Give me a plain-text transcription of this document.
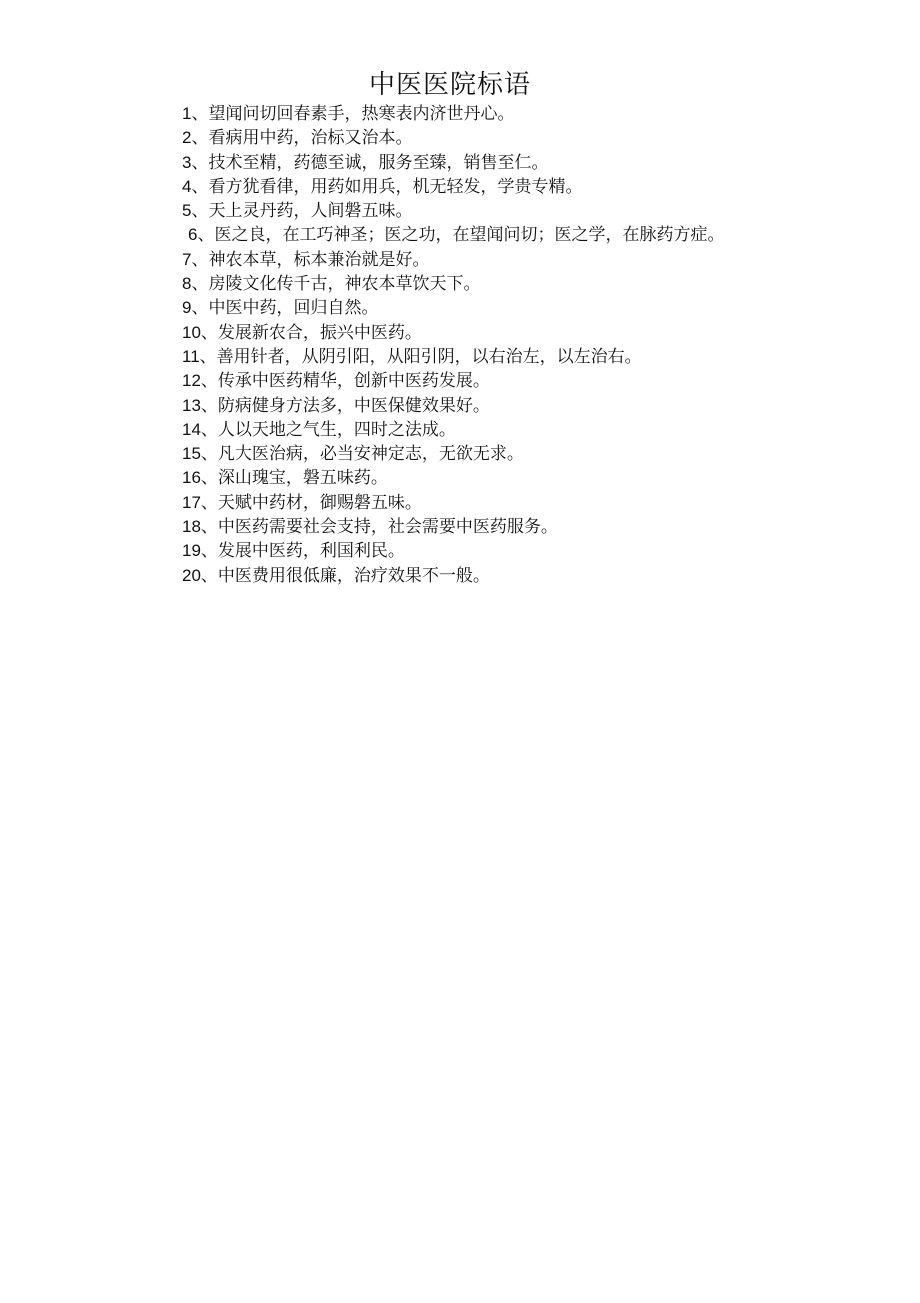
中医医院标语
1、望闻问切回春素手，热寒表内济世丹心。
2、看病用中药，治标又治本。
3、技术至精，药德至诚，服务至臻，销售至仁。
4、看方犹看律，用药如用兵，机无轻发，学贵专精。
5、天上灵丹药，人间磐五味。
6、医之良，在工巧神圣；医之功，在望闻问切；医之学，在脉药方症。
7、神农本草，标本兼治就是好。
8、房陵文化传千古，神农本草饮天下。
9、中医中药，回归自然。
10、发展新农合，振兴中医药。
11、善用针者，从阴引阳，从阳引阴，以右治左，以左治右。
12、传承中医药精华，创新中医药发展。
13、防病健身方法多，中医保健效果好。
14、人以天地之气生，四时之法成。
15、凡大医治病，必当安神定志，无欲无求。
16、深山瑰宝，磐五味药。
17、天赋中药材，御赐磐五味。
18、中医药需要社会支持，社会需要中医药服务。
19、发展中医药，利国利民。
20、中医费用很低廉，治疗效果不一般。
